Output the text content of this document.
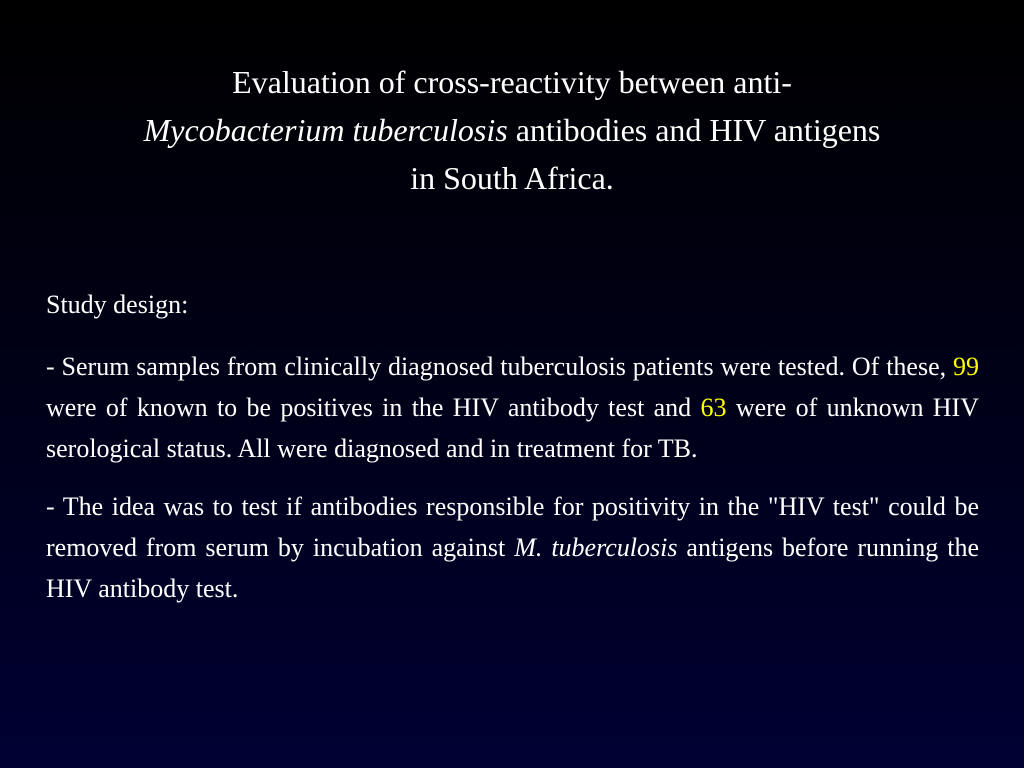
Evaluation of cross-reactivity between anti-
Mycobacterium tuberculosis antibodies and HIV antigens
in South Africa.

Study design:

- Serum samples from clinically diagnosed tuberculosis patients were tested. Of these, 99 were of known to be positives in the HIV antibody test and 63 were of unknown HIV serological status. All were diagnosed and in treatment for TB.

- The idea was to test if antibodies responsible for positivity in the "HIV test" could be removed from serum by incubation against M. tuberculosis antigens before running the HIV antibody test.
